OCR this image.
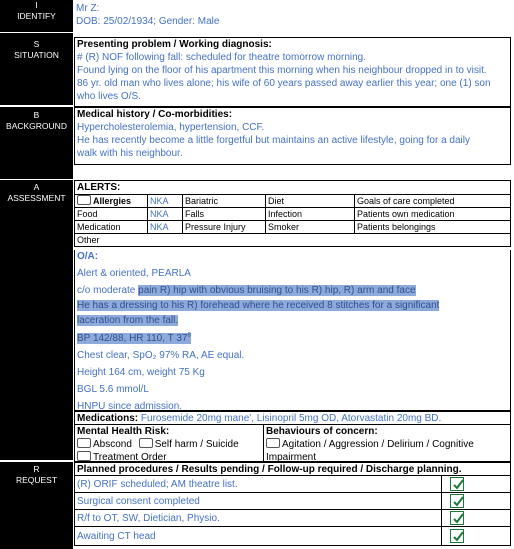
I
IDENTIFY
Mr Z:
DOB: 25/02/1934; Gender: Male
S
SITUATION
Presenting problem / Working diagnosis:
# (R) NOF following fall: scheduled for theatre tomorrow morning.
Found lying on the floor of his apartment this morning when his neighbour dropped in to visit.
86 yr. old man who lives alone; his wife of 60 years passed away earlier this year; one (1) son
who lives O/S.
B
BACKGROUND
Medical history / Co-morbidities:
Hypercholesterolemia, hypertension, CCF.
He has recently become a little forgetful but maintains an active lifestyle, going for a daily
walk with his neighbour.
A
ASSESSMENT
ALERTS:
Allergies	NKA	Bariatric	Diet	Goals of care completed
Food	NKA	Falls	Infection	Patients own medication
Medication	NKA	Pressure Injury	Smoker	Patients belongings
Other				
O/A:
Alert & oriented, PEARLA
c/o moderate pain R) hip with obvious bruising to his R) hip, R) arm and face
He has a dressing to his R) forehead where he received 8 stitches for a significant
laceration from the fall.
BP 142/88, HR 110, T $37^8$
Chest clear, SpO₂ 97% RA, AE equal.
Height 164 cm, weight 75 Kg
BGL 5.6 mmol/L
HNPU since admission.
Medications: Furosemide 20mg mane', Lisinopril 5mg OD, Atorvastatin 20mg BD.
Mental Health Risk:
Abscond Self harm / Suicide
Treatment Order
Behaviours of concern:
Agitation / Aggression / Delirium / Cognitive
Impairment
R
REQUEST
Planned procedures / Results pending / Follow-up required / Discharge planning.
(R) ORIF scheduled; AM theatre list.
Surgical consent completed
R/f to OT, SW, Dietician, Physio.
Awaiting CT head
